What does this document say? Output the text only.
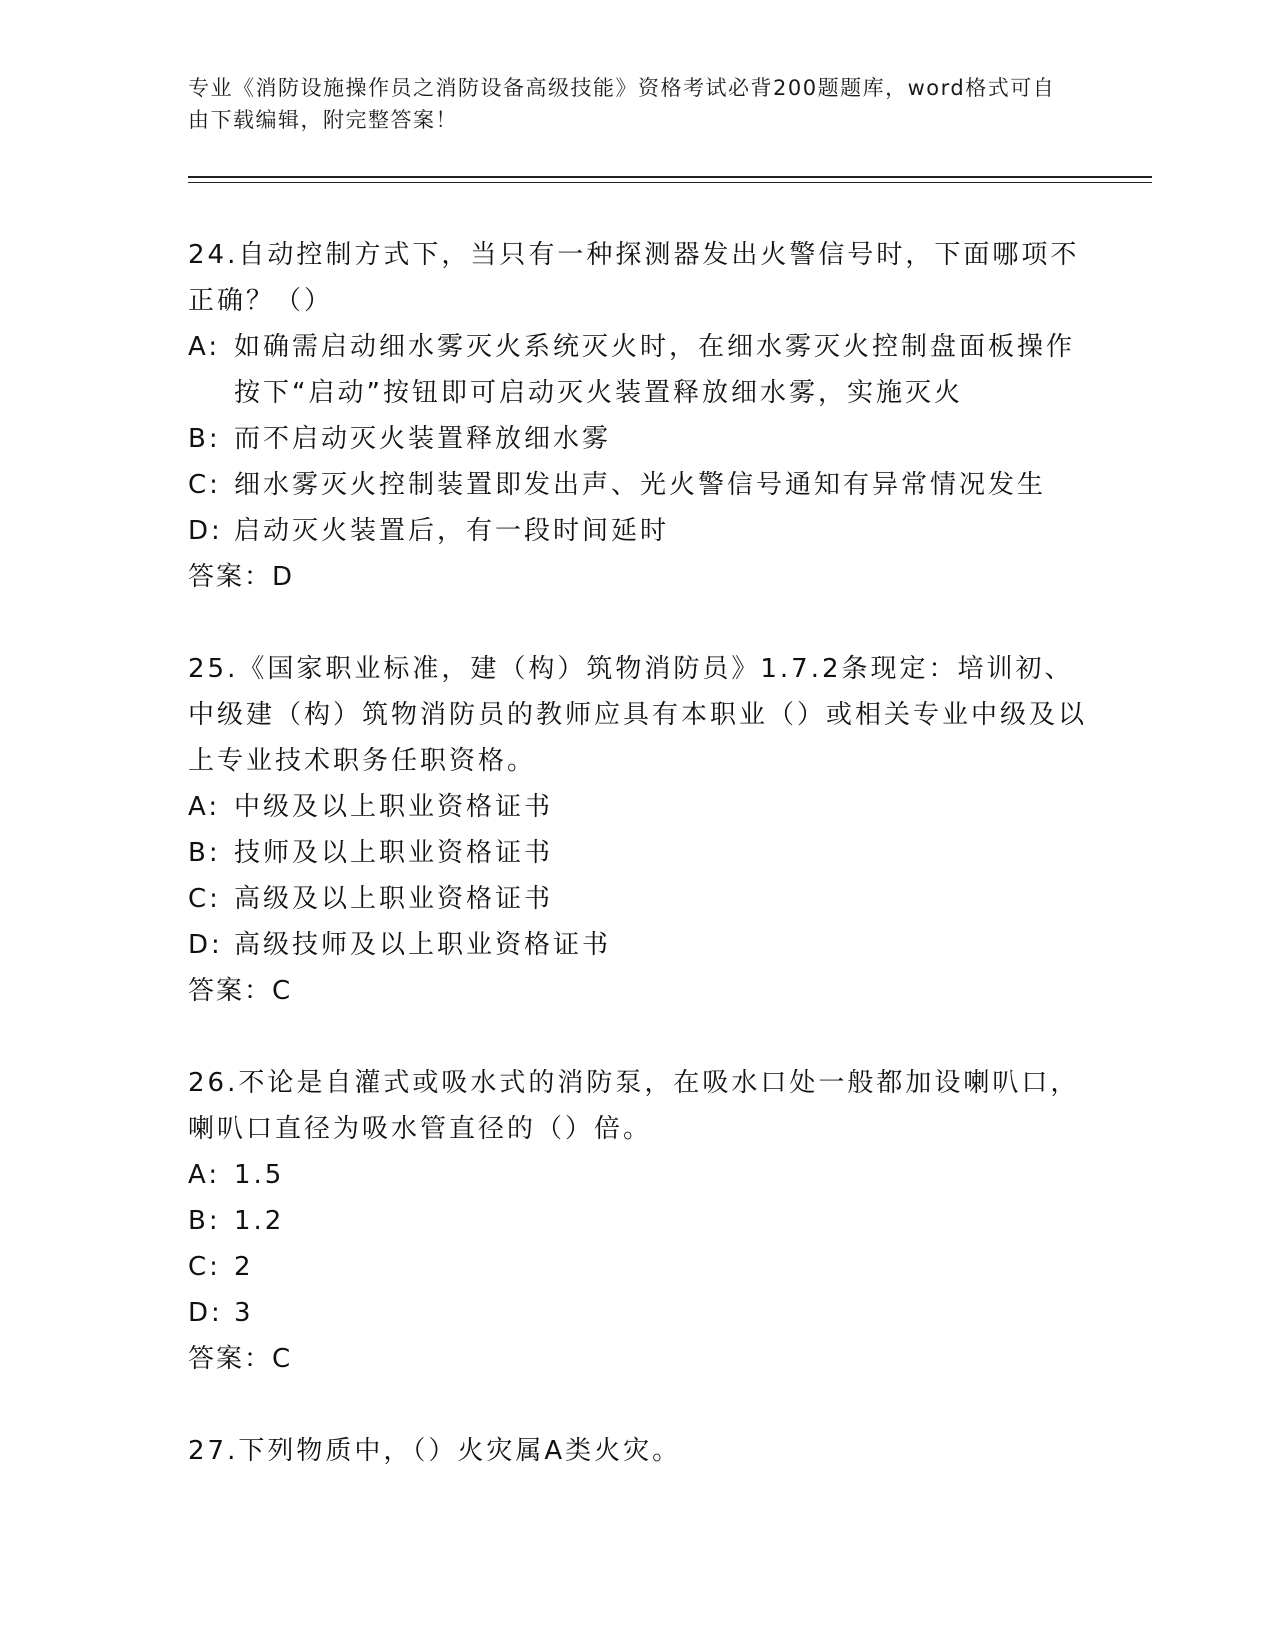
专业《消防设施操作员之消防设备高级技能》资格考试必背200题题库，word格式可自由下载编辑，附完整答案！

24.自动控制方式下，当只有一种探测器发出火警信号时，下面哪项不正确？（）

A: 如确需启动细水雾灭火系统灭火时，在细水雾灭火控制盘面板操作按下“启动”按钮即可启动灭火装置释放细水雾，实施灭火
B: 而不启动灭火装置释放细水雾
C: 细水雾灭火控制装置即发出声、光火警信号通知有异常情况发生
D: 启动灭火装置后，有一段时间延时

答案：D

25.《国家职业标准，建（构）筑物消防员》1.7.2条现定：培训初、中级建（构）筑物消防员的教师应具有本职业（）或相关专业中级及以上专业技术职务任职资格。

A: 中级及以上职业资格证书
B: 技师及以上职业资格证书
C: 高级及以上职业资格证书
D: 高级技师及以上职业资格证书

答案：C

26.不论是自灌式或吸水式的消防泵，在吸水口处一般都加设喇叭口，喇叭口直径为吸水管直径的（）倍。

A: 1.5
B: 1.2
C: 2
D: 3

答案：C

27.下列物质中，（）火灾属A类火灾。
